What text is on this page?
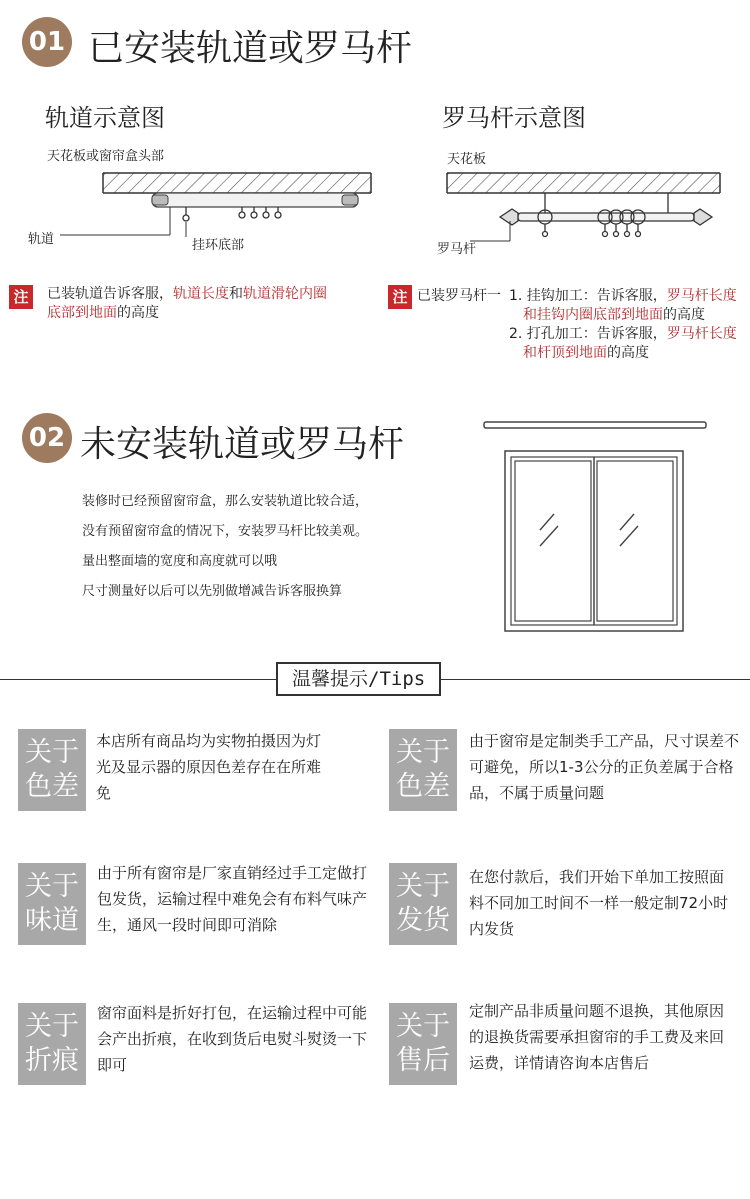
01 已安装轨道或罗马杆
轨道示意图	罗马杆示意图
天花板或窗帘盒头部	天花板
轨道	挂环底部	罗马杆
注	已装轨道告诉客服，轨道长度和轨道滑轮内圈
底部到地面的高度
注 已装罗马杆一 1. 挂钩加工：告诉客服，罗马杆长度
和挂钩内圈底部到地面的高度
2. 打孔加工：告诉客服，罗马杆长度
和杆顶到地面的高度
02 未安装轨道或罗马杆
装修时已经预留窗帘盒，那么安装轨道比较合适，
没有预留窗帘盒的情况下，安装罗马杆比较美观。
量出整面墙的宽度和高度就可以哦
尺寸测量好以后可以先别做增减告诉客服换算
温馨提示/Tips
关于
色差
本店所有商品均为实物拍摄因为灯光及显示器的原因色差存在在所难免
关于
色差
由于窗帘是定制类手工产品，尺寸误差不可避免，所以1-3公分的正负差属于合格品，不属于质量问题
关于
味道
由于所有窗帘是厂家直销经过手工定做打包发货，运输过程中难免会有布料气味产生，通风一段时间即可消除
关于
发货
在您付款后，我们开始下单加工按照面料不同加工时间不一样一般定制72小时内发货
关于
折痕
窗帘面料是折好打包，在运输过程中可能会产出折痕，在收到货后电熨斗熨烫一下即可
关于
售后
定制产品非质量问题不退换，其他原因的退换货需要承担窗帘的手工费及来回运费，详情请咨询本店售后
